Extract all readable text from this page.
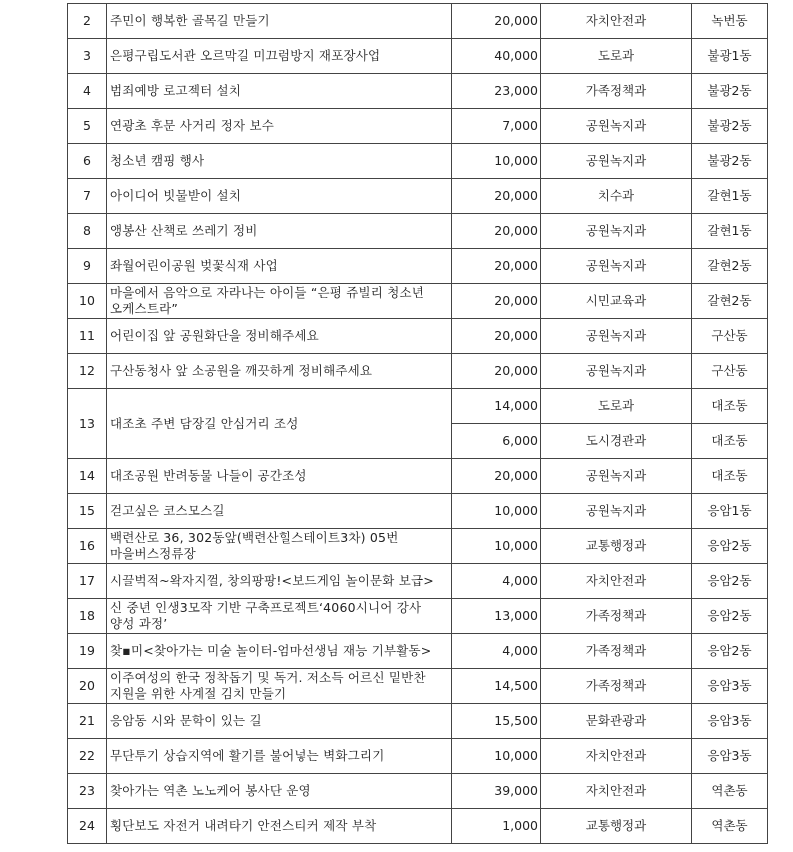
2	주민이 행복한 골목길 만들기	20,000	자치안전과	녹번동
3	은평구립도서관 오르막길 미끄럼방지 재포장사업	40,000	도로과	불광1동
4	범죄예방 로고젝터 설치	23,000	가족정책과	불광2동
5	연광초 후문 사거리 정자 보수	7,000	공원녹지과	불광2동
6	청소년 캠핑 행사	10,000	공원녹지과	불광2동
7	아이디어 빗물받이 설치	20,000	치수과	갈현1동
8	앵봉산 산책로 쓰레기 정비	20,000	공원녹지과	갈현1동
9	좌월어린이공원 벚꽃식재 사업	20,000	공원녹지과	갈현2동
10	마을에서 음악으로 자라나는 아이들 “은평 쥬빌리 청소년 오케스트라”	20,000	시민교육과	갈현2동
11	어린이집 앞 공원화단을 정비해주세요	20,000	공원녹지과	구산동
12	구산동청사 앞 소공원을 깨끗하게 정비해주세요	20,000	공원녹지과	구산동
13	대조초 주변 담장길 안심거리 조성	14,000	도로과	대조동
		6,000	도시경관과	대조동
14	대조공원 반려동물 나들이 공간조성	20,000	공원녹지과	대조동
15	걷고싶은 코스모스길	10,000	공원녹지과	응암1동
16	백련산로 36, 302동앞(백련산힐스테이트3차) 05번 마을버스정류장	10,000	교통행정과	응암2동
17	시끌벅적~왁자지껄, 창의팡팡!<보드게임 놀이문화 보급>	4,000	자치안전과	응암2동
18	신 중년 인생3모작 기반 구축프로젝트‘4060시니어 강사 양성 과정’	13,000	가족정책과	응암2동
19	찾▪미<찾아가는 미술 놀이터-엄마선생님 재능 기부활동>	4,000	가족정책과	응암2동
20	이주여성의 한국 정착돕기 및 독거. 저소득 어르신 밑반찬 지원을 위한 사계절 김치 만들기	14,500	가족정책과	응암3동
21	응암동 시와 문학이 있는 길	15,500	문화관광과	응암3동
22	무단투기 상습지역에 활기를 불어넣는 벽화그리기	10,000	자치안전과	응암3동
23	찾아가는 역촌 노노케어 봉사단 운영	39,000	자치안전과	역촌동
24	횡단보도 자전거 내려타기 안전스티커 제작 부착	1,000	교통행정과	역촌동
